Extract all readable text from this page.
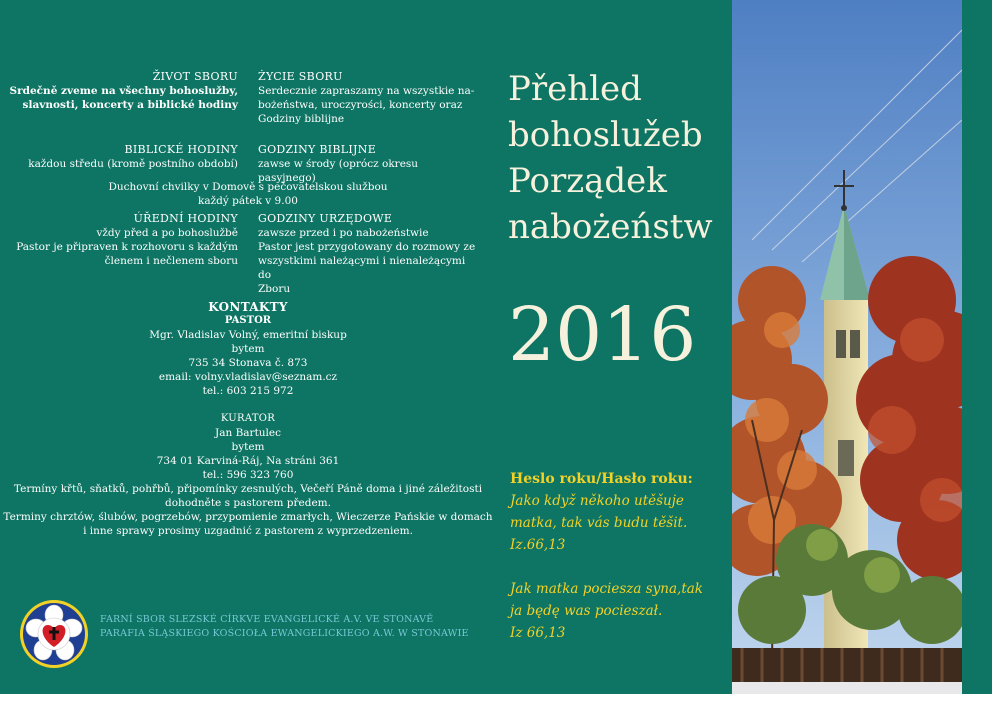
ŽIVOT SBORU
Srdečně zveme na všechny bohoslužby,
slavnosti, koncerty a biblické hodiny
ŻYCIE SBORU
Serdecznie zapraszamy na wszystkie na-
bożeństwa, uroczyrości, koncerty oraz
Godziny biblijne
BIBLICKÉ HODINY
každou středu (kromě postního období)
GODZINY BIBLIJNE
zawse w środy (oprócz okresu pasyjnego)
Duchovní chvilky v Domově s pečovatelskou službou
každý pátek v 9.00
ÚŘEDNÍ HODINY
vždy před a po bohoslužbě
Pastor je připraven k rozhovoru s každým
členem i nečlenem sboru
GODZINY URZĘDOWE
zawsze przed i po nabożeństwie
Pastor jest przygotowany do rozmowy ze
wszystkimi należącymi i nienależącymi do
Zboru
KONTAKTY
PASTOR
Mgr. Vladislav Volný, emeritní biskup
bytem
735 34 Stonava č. 873
email: volny.vladislav@seznam.cz
tel.: 603 215 972
KURATOR
Jan Bartulec
bytem
734 01 Karviná-Ráj, Na stráni 361
tel.: 596 323 760
Termíny křtů, sňatků, pohřbů, připomínky zesnulých, Večeří Páně doma i jiné záležitosti
dohodněte s pastorem předem.
Terminy chrztów, ślubów, pogrzebów, przypomienie zmarłych, Wieczerze Pańskie w domach
i inne sprawy prosimy uzgadnić z pastorem z wyprzedzeniem.
FARNÍ SBOR SLEZSKÉ CÍRKVE EVANGELICKÉ A.V. VE STONAVĚ
PARAFIA ŚLĄSKIEGO KOŚCIOŁA EWANGELICKIEGO A.W. W STONAWIE
Přehled
bohoslužeb
Porządek
nabożeństw
2016
Heslo roku/Hasło roku:
Jako když někoho utěšuje
matka, tak vás budu těšit.
Iz.66,13
Jak matka pociesza syna,tak
ja będę was pocieszał.
Iz 66,13
